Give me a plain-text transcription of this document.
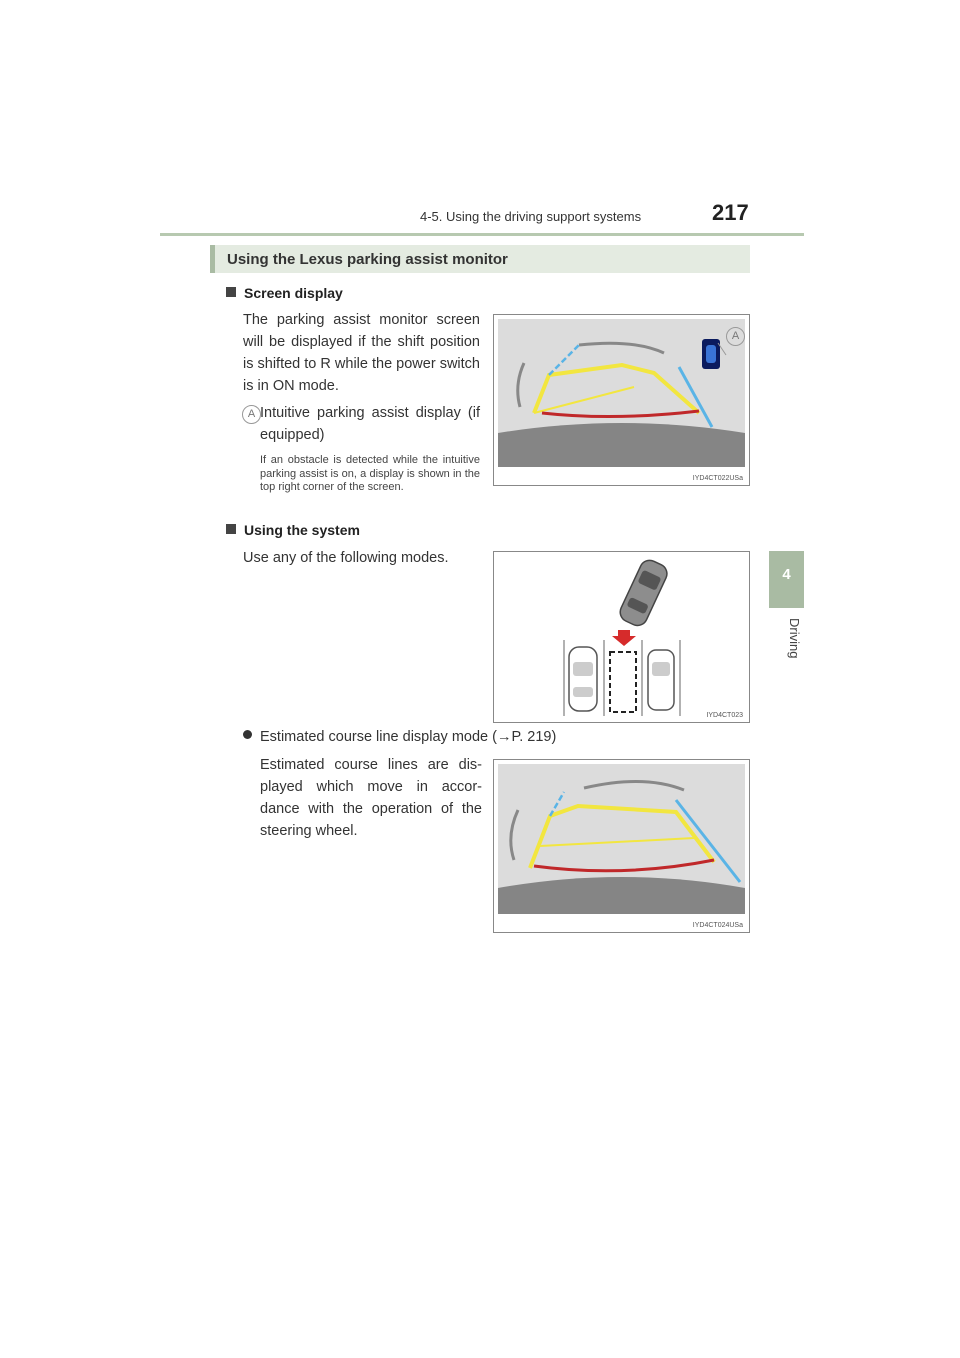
4-5. Using the driving support systems	217
4
Driving
Using the Lexus parking assist monitor
Screen display
The parking assist monitor screen will be displayed if the shift position is shifted to R while the power switch is in ON mode.
A Intuitive parking assist display (if equipped)
If an obstacle is detected while the intuitive parking assist is on, a display is shown in the top right corner of the screen.
A
IYD4CT022USa
Using the system
Use any of the following modes.
IYD4CT023
Estimated course line display mode (→P. 219)
Estimated course lines are dis-played which move in accor-dance with the operation of the steering wheel.
IYD4CT024USa
